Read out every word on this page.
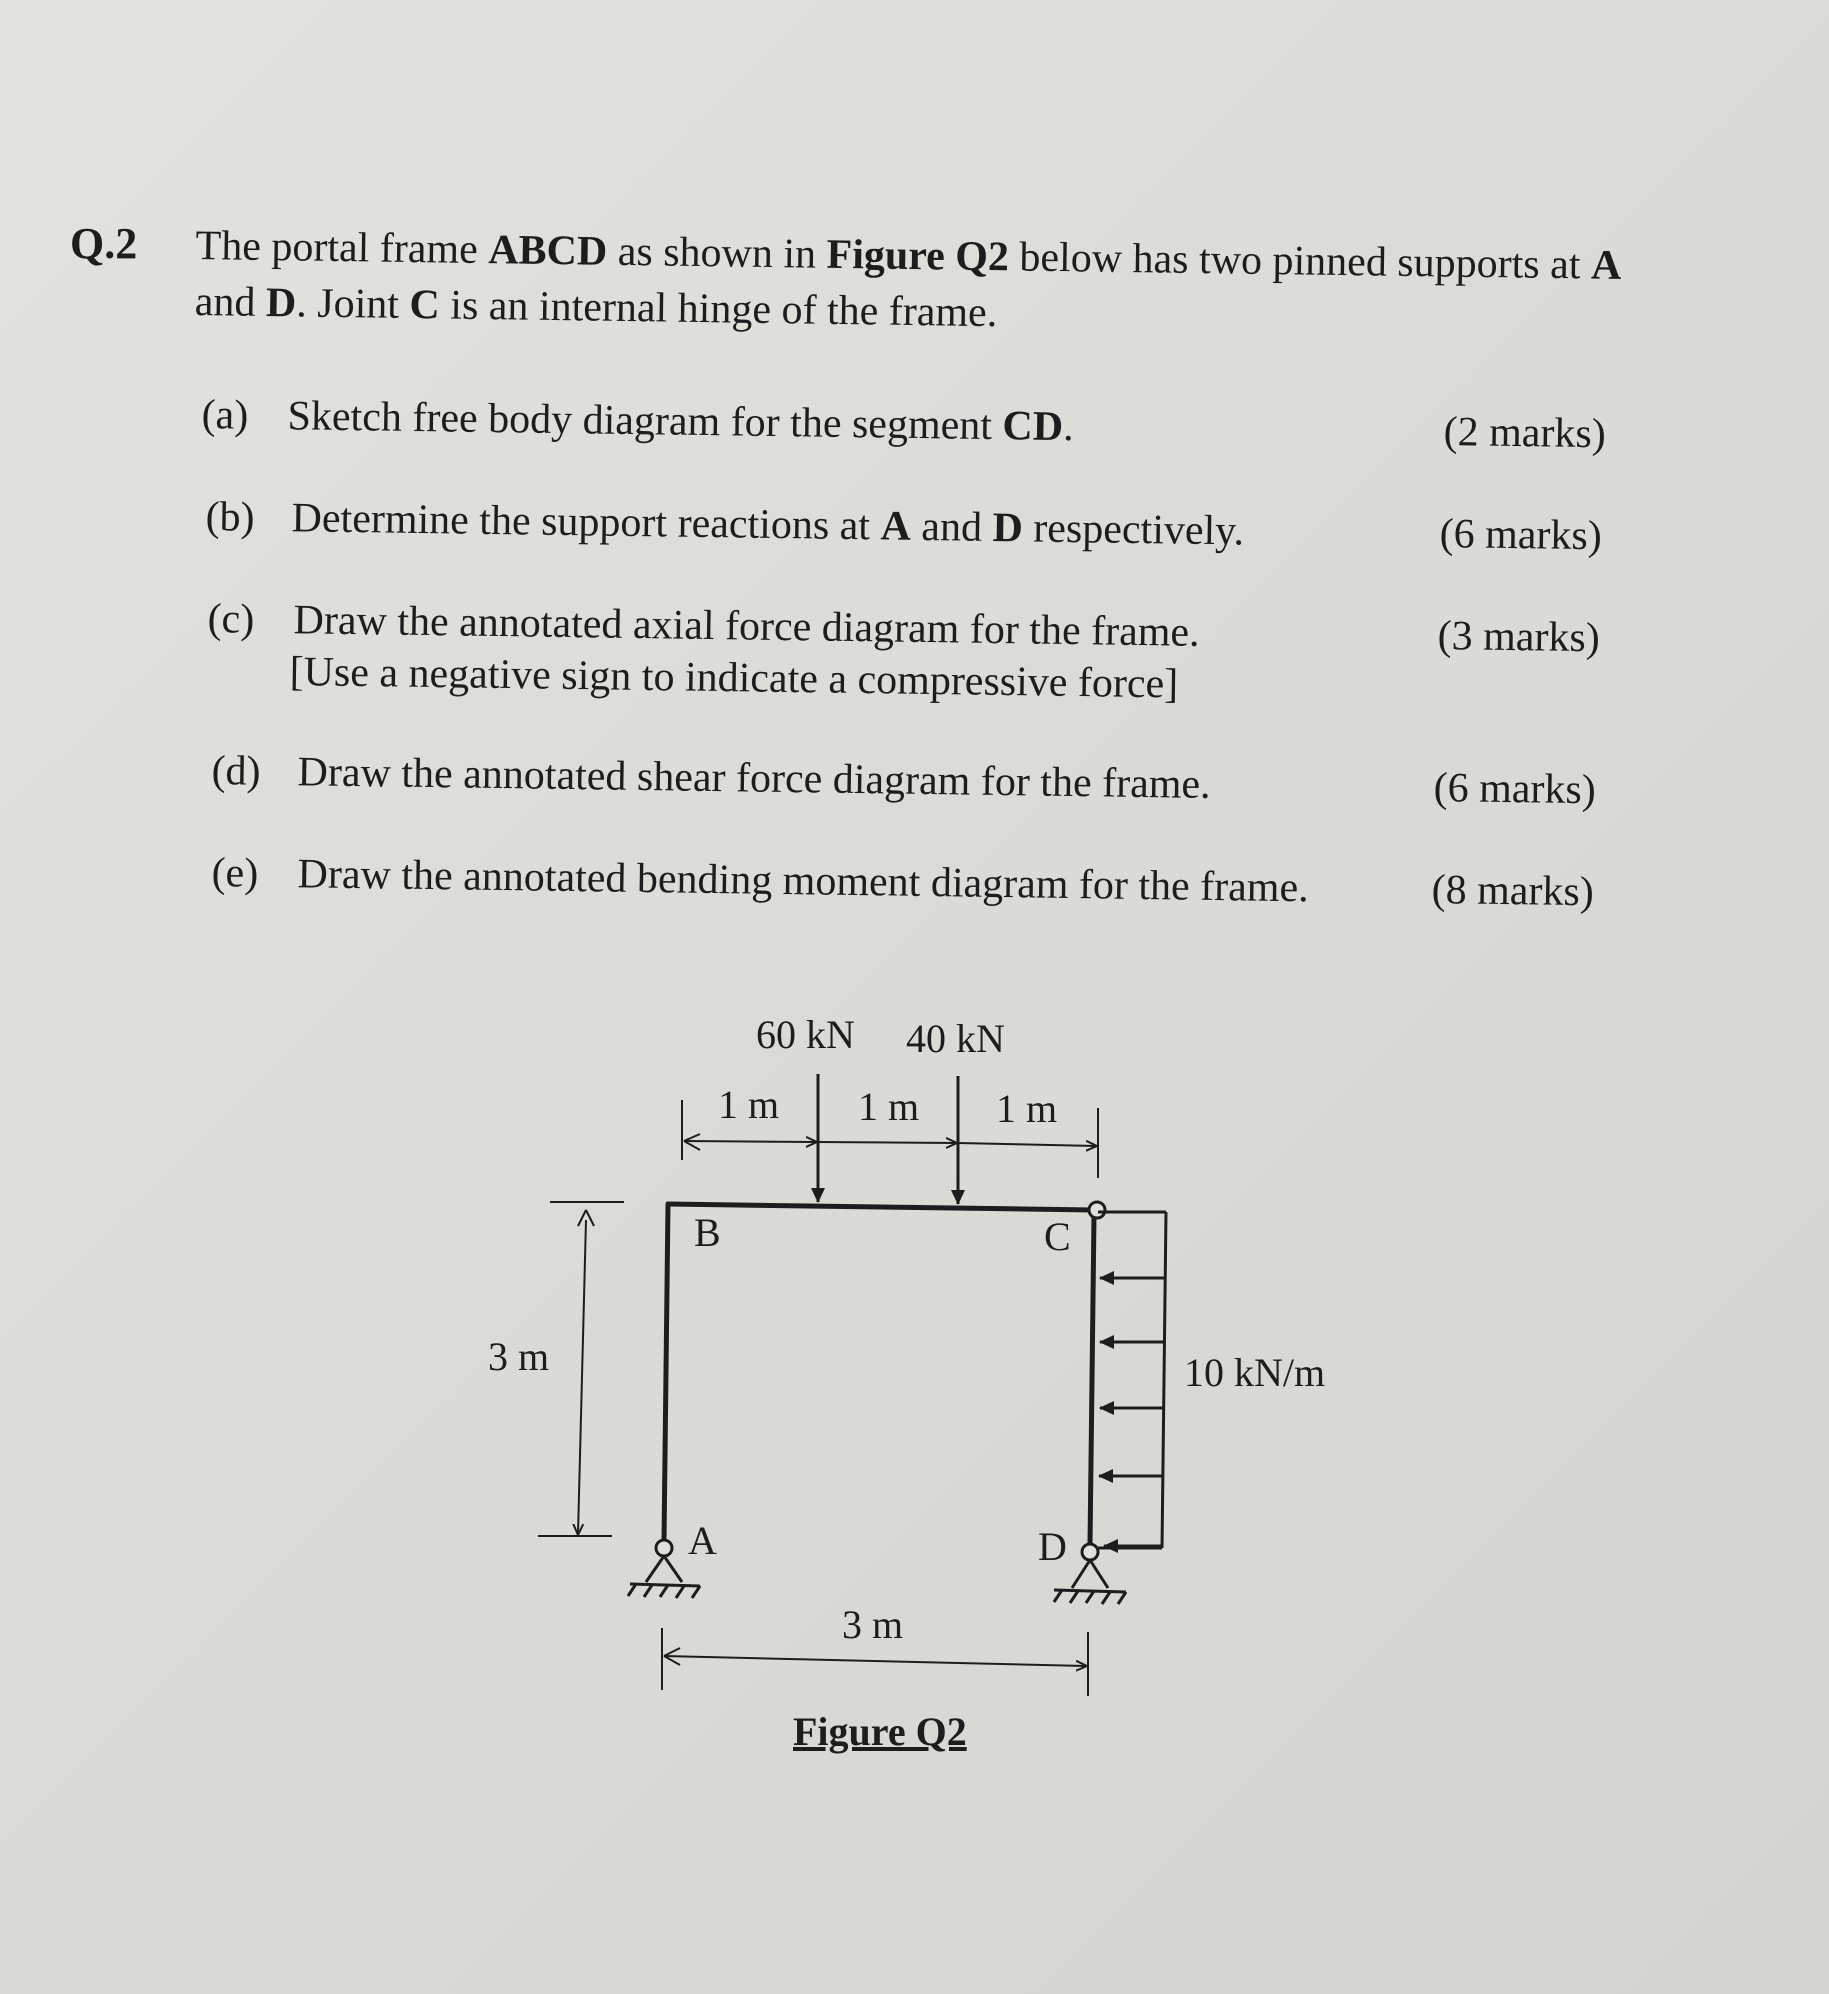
Q.2 The portal frame ABCD as shown in Figure Q2 below has two pinned supports at A and D. Joint C is an internal hinge of the frame.
(a) Sketch free body diagram for the segment CD.	(2 marks)
(b) Determine the support reactions at A and D respectively.	(6 marks)
(c) Draw the annotated axial force diagram for the frame.
[Use a negative sign to indicate a compressive force]
(3 marks)
(d) Draw the annotated shear force diagram for the frame.	(6 marks)
(e) Draw the annotated bending moment diagram for the frame.	(8 marks)
60 kN 40 kN
1 m 1 m 1 m
B	C
A	D
3 m	10 kN/m
3 m
Figure Q2
